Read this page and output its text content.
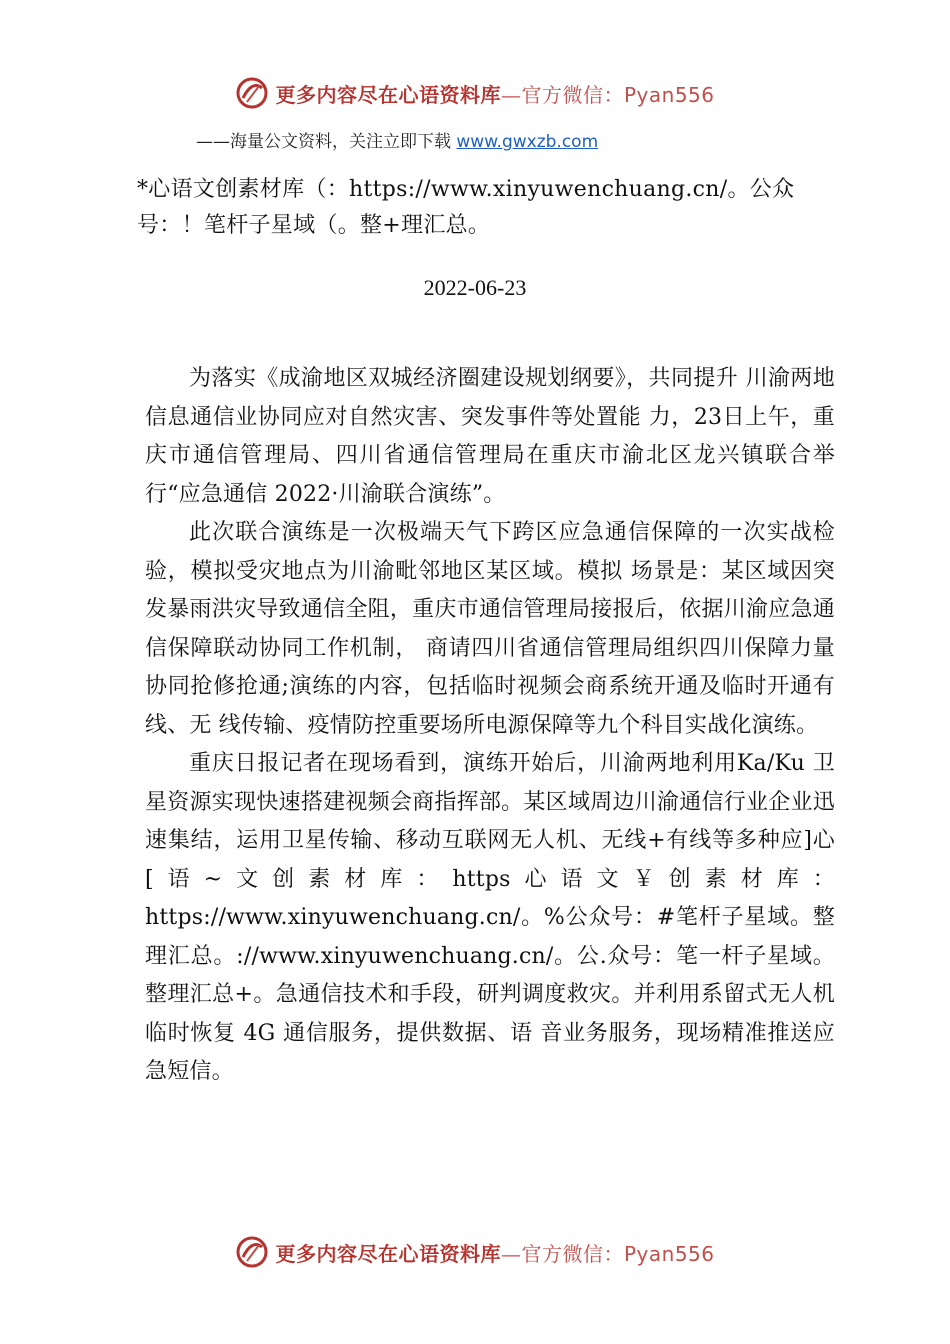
更多内容尽在心语资料库—官方微信：Pyan556
——海量公文资料，关注立即下载 www.gwxzb.com

*心语文创素材库（：https://www.xinyuwenchuang.cn/。公众号：！笔杆子星域（。整+理汇总。

2022-06-23

为落实《成渝地区双城经济圈建设规划纲要》，共同提升 川渝两地信息通信业协同应对自然灾害、突发事件等处置能 力，23日上午，重庆市通信管理局、四川省通信管理局在重庆市渝北区龙兴镇联合举行“应急通信 2022·川渝联合演练”。

此次联合演练是一次极端天气下跨区应急通信保障的一次实战检验，模拟受灾地点为川渝毗邻地区某区域。模拟 场景是：某区域因突发暴雨洪灾导致通信全阻，重庆市通信管理局接报后，依据川渝应急通信保障联动协同工作机制， 商请四川省通信管理局组织四川保障力量协同抢修抢通;演练的内容，包括临时视频会商系统开通及临时开通有线、无 线传输、疫情防控重要场所电源保障等九个科目实战化演练。

重庆日报记者在现场看到，演练开始后，川渝两地利用Ka/Ku 卫星资源实现快速搭建视频会商指挥部。某区域周边川渝通信行业企业迅速集结，运用卫星传输、移动互联网无人机、无线+有线等多种应]心[语~文创素材库：https心语文￥创素材库：https://www.xinyuwenchuang.cn/。%公众号：#笔杆子星域。整理汇总。://www.xinyuwenchuang.cn/。公.众号：笔一杆子星域。整理汇总+。急通信技术和手段，研判调度救灾。并利用系留式无人机临时恢复 4G 通信服务，提供数据、语 音业务服务，现场精准推送应急短信。

更多内容尽在心语资料库—官方微信：Pyan556
